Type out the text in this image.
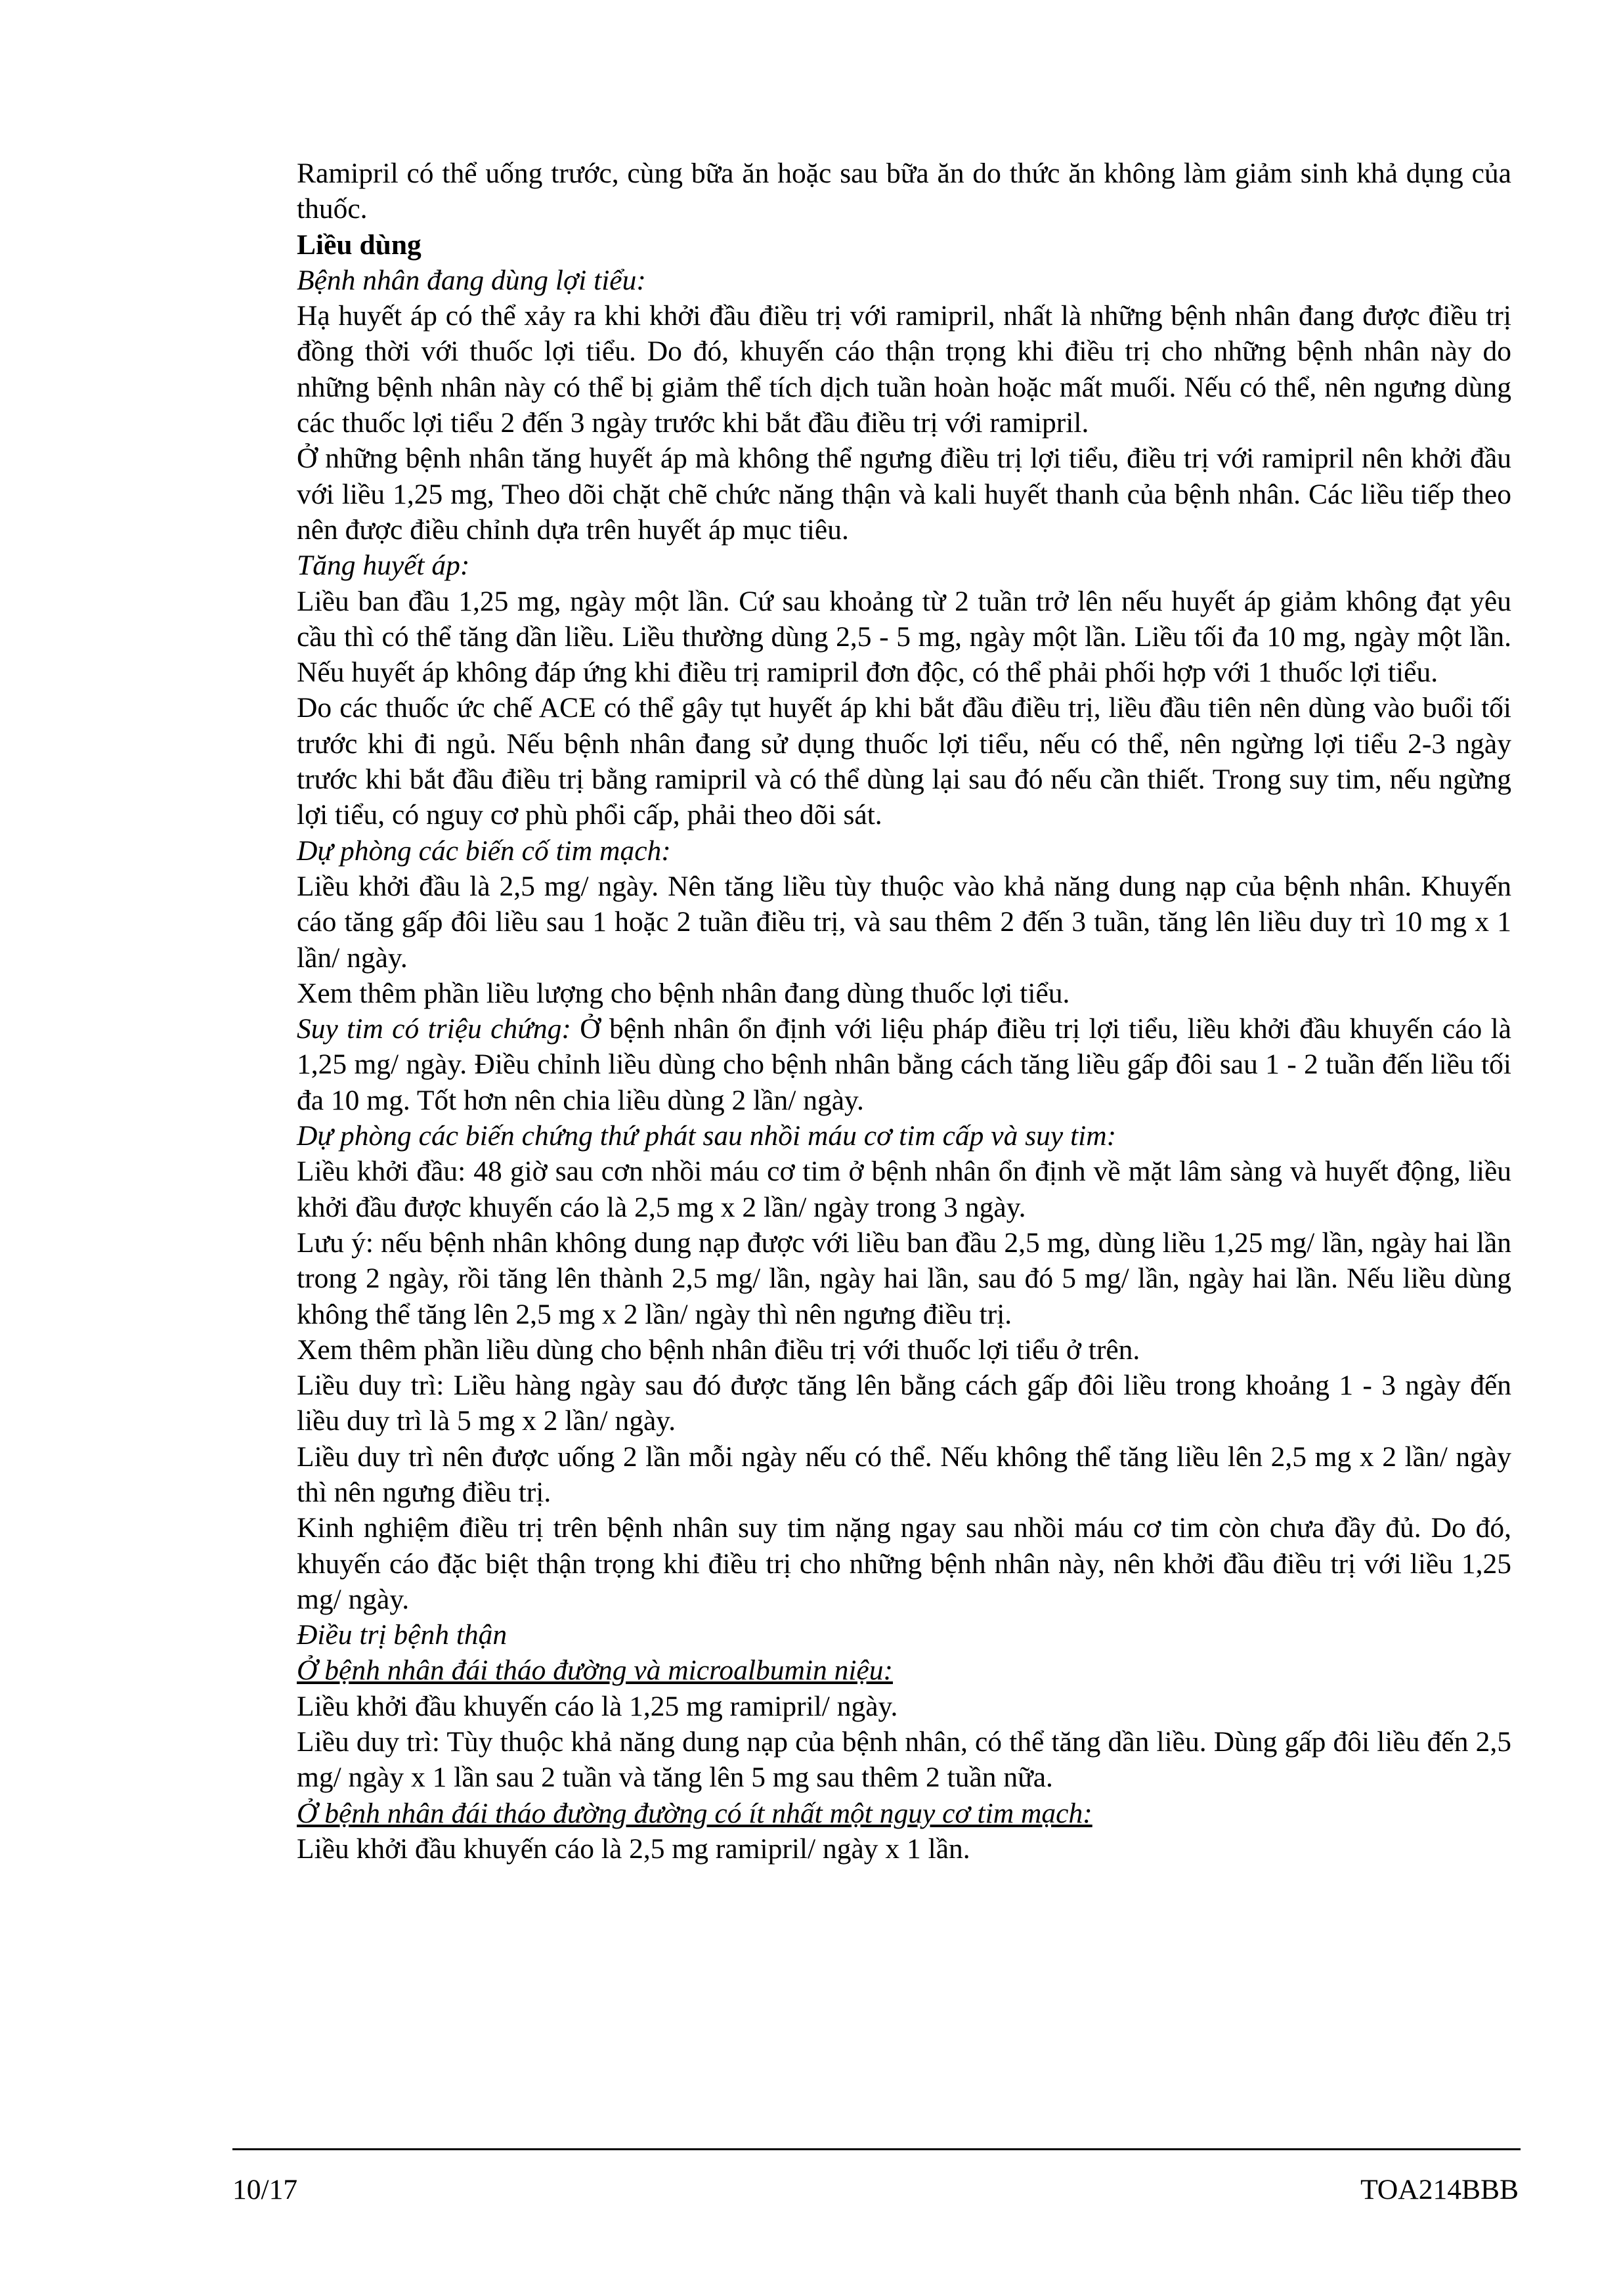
Ramipril có thể uống trước, cùng bữa ăn hoặc sau bữa ăn do thức ăn không làm giảm sinh khả dụng của thuốc.

Liều dùng

Bệnh nhân đang dùng lợi tiểu:

Hạ huyết áp có thể xảy ra khi khởi đầu điều trị với ramipril, nhất là những bệnh nhân đang được điều trị đồng thời với thuốc lợi tiểu. Do đó, khuyến cáo thận trọng khi điều trị cho những bệnh nhân này do những bệnh nhân này có thể bị giảm thể tích dịch tuần hoàn hoặc mất muối. Nếu có thể, nên ngưng dùng các thuốc lợi tiểu 2 đến 3 ngày trước khi bắt đầu điều trị với ramipril.

Ở những bệnh nhân tăng huyết áp mà không thể ngưng điều trị lợi tiểu, điều trị với ramipril nên khởi đầu với liều 1,25 mg, Theo dõi chặt chẽ chức năng thận và kali huyết thanh của bệnh nhân. Các liều tiếp theo nên được điều chỉnh dựa trên huyết áp mục tiêu.

Tăng huyết áp:

Liều ban đầu 1,25 mg, ngày một lần. Cứ sau khoảng từ 2 tuần trở lên nếu huyết áp giảm không đạt yêu cầu thì có thể tăng dần liều. Liều thường dùng 2,5 - 5 mg, ngày một lần. Liều tối đa 10 mg, ngày một lần. Nếu huyết áp không đáp ứng khi điều trị ramipril đơn độc, có thể phải phối hợp với 1 thuốc lợi tiểu.

Do các thuốc ức chế ACE có thể gây tụt huyết áp khi bắt đầu điều trị, liều đầu tiên nên dùng vào buổi tối trước khi đi ngủ. Nếu bệnh nhân đang sử dụng thuốc lợi tiểu, nếu có thể, nên ngừng lợi tiểu 2-3 ngày trước khi bắt đầu điều trị bằng ramipril và có thể dùng lại sau đó nếu cần thiết. Trong suy tim, nếu ngừng lợi tiểu, có nguy cơ phù phổi cấp, phải theo dõi sát.

Dự phòng các biến cố tim mạch:

Liều khởi đầu là 2,5 mg/ ngày. Nên tăng liều tùy thuộc vào khả năng dung nạp của bệnh nhân. Khuyến cáo tăng gấp đôi liều sau 1 hoặc 2 tuần điều trị, và sau thêm 2 đến 3 tuần, tăng lên liều duy trì 10 mg x 1 lần/ ngày.

Xem thêm phần liều lượng cho bệnh nhân đang dùng thuốc lợi tiểu.

Suy tim có triệu chứng: Ở bệnh nhân ổn định với liệu pháp điều trị lợi tiểu, liều khởi đầu khuyến cáo là 1,25 mg/ ngày. Điều chỉnh liều dùng cho bệnh nhân bằng cách tăng liều gấp đôi sau 1 - 2 tuần đến liều tối đa 10 mg. Tốt hơn nên chia liều dùng 2 lần/ ngày.

Dự phòng các biến chứng thứ phát sau nhồi máu cơ tim cấp và suy tim:

Liều khởi đầu: 48 giờ sau cơn nhồi máu cơ tim ở bệnh nhân ổn định về mặt lâm sàng và huyết động, liều khởi đầu được khuyến cáo là 2,5 mg x 2 lần/ ngày trong 3 ngày.

Lưu ý: nếu bệnh nhân không dung nạp được với liều ban đầu 2,5 mg, dùng liều 1,25 mg/ lần, ngày hai lần trong 2 ngày, rồi tăng lên thành 2,5 mg/ lần, ngày hai lần, sau đó 5 mg/ lần, ngày hai lần. Nếu liều dùng không thể tăng lên 2,5 mg x 2 lần/ ngày thì nên ngưng điều trị.

Xem thêm phần liều dùng cho bệnh nhân điều trị với thuốc lợi tiểu ở trên.

Liều duy trì: Liều hàng ngày sau đó được tăng lên bằng cách gấp đôi liều trong khoảng 1 - 3 ngày đến liều duy trì là 5 mg x 2 lần/ ngày.

Liều duy trì nên được uống 2 lần mỗi ngày nếu có thể. Nếu không thể tăng liều lên 2,5 mg x 2 lần/ ngày thì nên ngưng điều trị.

Kinh nghiệm điều trị trên bệnh nhân suy tim nặng ngay sau nhồi máu cơ tim còn chưa đầy đủ. Do đó, khuyến cáo đặc biệt thận trọng khi điều trị cho những bệnh nhân này, nên khởi đầu điều trị với liều 1,25 mg/ ngày.

Điều trị bệnh thận

Ở bệnh nhân đái tháo đường và microalbumin niệu:

Liều khởi đầu khuyến cáo là 1,25 mg ramipril/ ngày.

Liều duy trì: Tùy thuộc khả năng dung nạp của bệnh nhân, có thể tăng dần liều. Dùng gấp đôi liều đến 2,5 mg/ ngày x 1 lần sau 2 tuần và tăng lên 5 mg sau thêm 2 tuần nữa.

Ở bệnh nhân đái tháo đường đường có ít nhất một nguy cơ tim mạch:

Liều khởi đầu khuyến cáo là 2,5 mg ramipril/ ngày x 1 lần.

10/17	TOA214BBB
